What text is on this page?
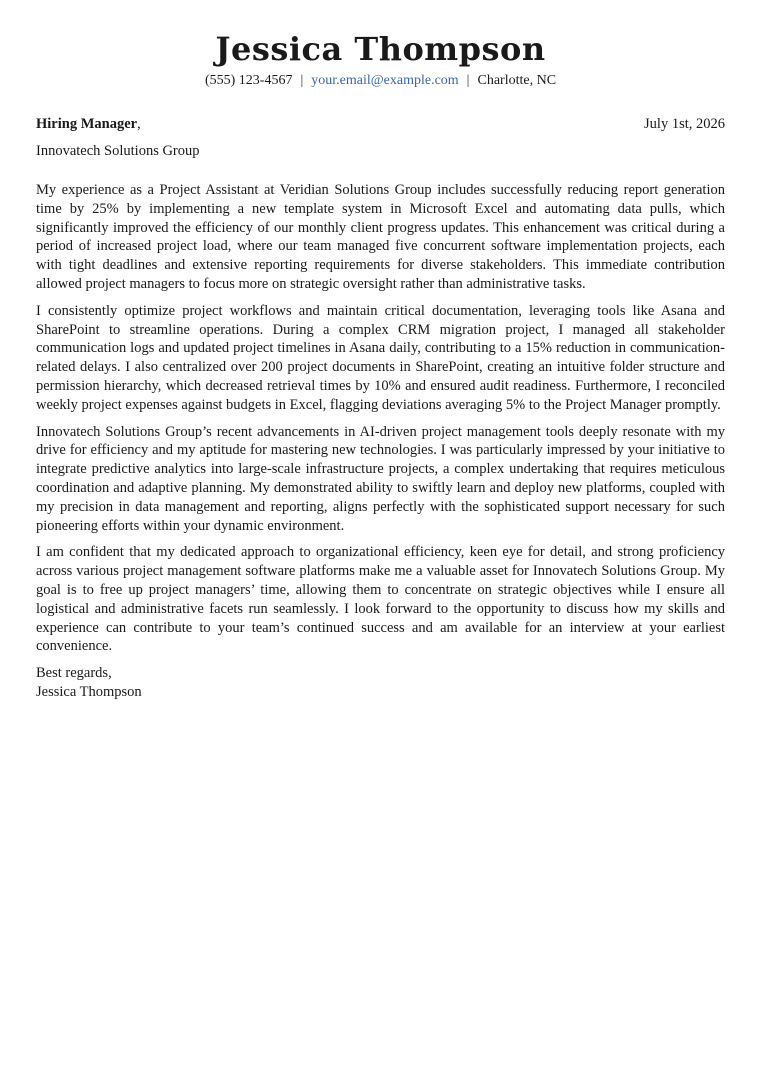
Jessica Thompson
(555) 123-4567 | your.email@example.com | Charlotte, NC
Hiring Manager,	July 1st, 2026
Innovatech Solutions Group

My experience as a Project Assistant at Veridian Solutions Group includes successfully reducing report generation time by 25% by implementing a new template system in Microsoft Excel and automating data pulls, which significantly improved the efficiency of our monthly client progress updates. This enhancement was critical during a period of increased project load, where our team managed five concurrent software implementation projects, each with tight deadlines and extensive reporting requirements for diverse stakeholders. This immediate contribution allowed project managers to focus more on strategic oversight rather than administrative tasks.

I consistently optimize project workflows and maintain critical documentation, leveraging tools like Asana and SharePoint to streamline operations. During a complex CRM migration project, I managed all stakeholder communication logs and updated project timelines in Asana daily, contributing to a 15% reduction in communication-related delays. I also centralized over 200 project documents in SharePoint, creating an intuitive folder structure and permission hierarchy, which decreased retrieval times by 10% and ensured audit readiness. Furthermore, I reconciled weekly project expenses against budgets in Excel, flagging deviations averaging 5% to the Project Manager promptly.

Innovatech Solutions Group’s recent advancements in AI-driven project management tools deeply resonate with my drive for efficiency and my aptitude for mastering new technologies. I was particularly impressed by your initiative to integrate predictive analytics into large-scale infrastructure projects, a complex undertaking that requires meticulous coordination and adaptive planning. My demonstrated ability to swiftly learn and deploy new platforms, coupled with my precision in data management and reporting, aligns perfectly with the sophisticated support necessary for such pioneering efforts within your dynamic environment.

I am confident that my dedicated approach to organizational efficiency, keen eye for detail, and strong proficiency across various project management software platforms make me a valuable asset for Innovatech Solutions Group. My goal is to free up project managers’ time, allowing them to concentrate on strategic objectives while I ensure all logistical and administrative facets run seamlessly. I look forward to the opportunity to discuss how my skills and experience can contribute to your team’s continued success and am available for an interview at your earliest convenience.

Best regards,
Jessica Thompson
